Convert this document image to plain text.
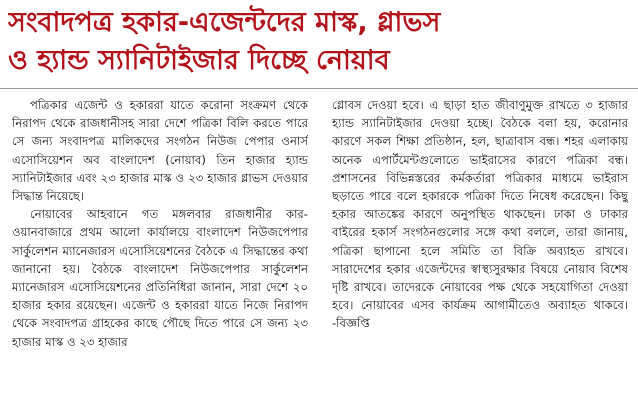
সংবাদপত্র হকার-এজেন্টদের মাস্ক, গ্লাভস
ও হ্যান্ড স্যানিটাইজার দিচ্ছে নোয়াব

পত্রিকার এজেন্ট ও হকাররা যাতে করোনা সংক্রমণ থেকে নিরাপদ থেকে রাজধানীসহ সারা দেশে পত্রিকা বিলি করতে পারে সে জন্য সংবাদপত্র মালিকদের সংগঠন নিউজ পেপার ওনার্স এসোসিয়েশন অব বাংলাদেশ (নোয়াব) তিন হাজার হ্যান্ড স্যানিটাইজার এবং ২৩ হাজার মাস্ক ও ২৩ হাজার গ্লাভস দেওয়ার সিদ্ধান্ত নিয়েছে।

নোয়াবের আহবানে গত মঙ্গলবার রাজধানীর কার-ওয়ানবাজারে প্রথম আলো কার্যালয়ে বাংলাদেশ নিউজপেপার সার্কুলেশন ম্যানেজারস এসোসিয়েশনের বৈঠকে এ সিদ্ধান্তের কথা জানানো হয়। বৈঠকে বাংলাদেশ নিউজপেপার সার্কুলেশন ম্যানেজারস এসোসিয়েশনের প্রতিনিধিরা জানান, সারা দেশে ২০ হাজার হকার রয়েছেন। এজেন্ট ও হকাররা যাতে নিজে নিরাপদ থেকে সংবাদপত্র গ্রাহকের কাছে পৌছে দিতে পারে সে জন্য ২৩ হাজার মাস্ক ও ২৩ হাজার

গ্লোবস দেওয়া হবে। এ ছাড়া হাত জীবাণুমুক্ত রাখতে ৩ হাজার হ্যান্ড স্যানিটাইজার দেওয়া হচ্ছে। বৈঠকে বলা হয়, করোনার কারণে সকল শিক্ষা প্রতিষ্ঠান, হল, ছাত্রাবাস বন্ধ। শহর এলাকায় অনেক এপার্টমেন্টগুলোতে ভাইরাসের কারণে পত্রিকা বন্ধ। প্রশাসনের বিভিন্নস্তরের কর্মকর্তারা পত্রিকার মাধ্যমে ভাইরাস ছড়াতে পারে বলে হকারকে পত্রিকা দিতে নিষেধ করেছেন। কিছু হকার আতঙ্কের কারণে অনুপস্থিত থাকছেন। ঢাকা ও ঢাকার বাইরের হকার্স সংগঠনগুলোর সঙ্গে কথা বললে, তারা জানায়, পত্রিকা ছাপানো হলে সমিতি তা বিক্রি অব্যাহত রাখবে। সারাদেশের হকার এজেন্টদের স্বাস্থ্যসুরক্ষার বিষয়ে নোয়াব বিশেষ দৃষ্টি রাখবে। তাদেরকে নোয়াবের পক্ষ থেকে সহযোগিতা দেওয়া হবে। নোয়াবের এসব কার্যক্রম আগামীতেও অব্যাহত থাকবে। -বিজ্ঞপ্তি
